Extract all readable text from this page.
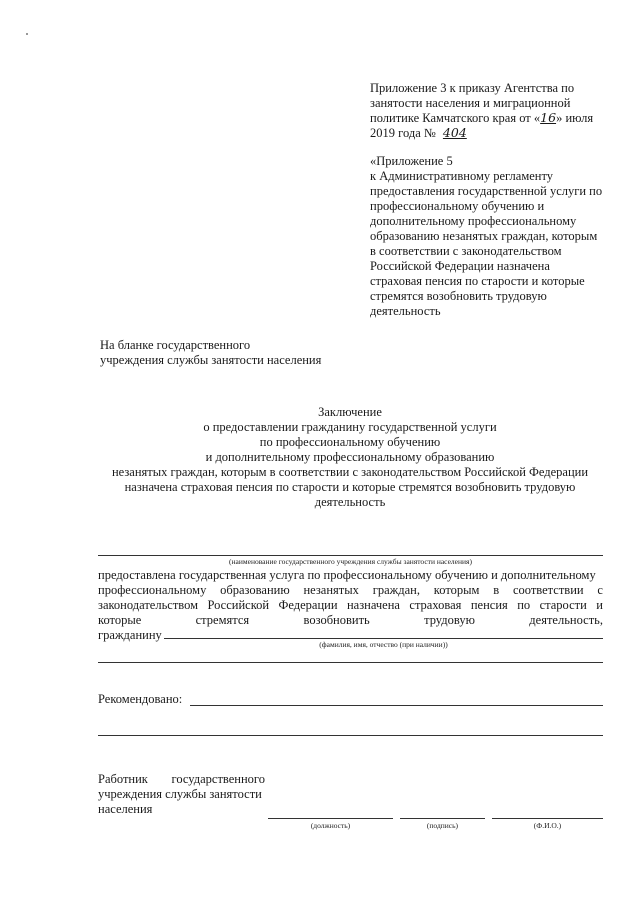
Приложение 3 к приказу Агентства по
занятости населения и миграционной
политике Камчатского края от «16» июля
2019 года № 404
«Приложение 5
к Административному регламенту
предоставления государственной услуги по
профессиональному обучению и
дополнительному профессиональному
образованию незанятых граждан, которым
в соответствии с законодательством
Российской Федерации назначена
страховая пенсия по старости и которые
стремятся возобновить трудовую
деятельность
На бланке государственного
учреждения службы занятости населения
Заключение
о предоставлении гражданину государственной услуги
по профессиональному обучению
и дополнительному профессиональному образованию
незанятых граждан, которым в соответствии с законодательством Российской Федерации
назначена страховая пенсия по старости и которые стремятся возобновить трудовую
деятельность
(наименование государственного учреждения службы занятости населения)
предоставлена государственная услуга по профессиональному обучению и дополнительному
профессиональному образованию незанятых граждан, которым в соответствии с
законодательством Российской Федерации назначена страховая пенсия по старости и
которые	стремятся	возобновить	трудовую	деятельность,
гражданину
(фамилия, имя, отчество (при наличии))
Рекомендовано:
Работник государственного
учреждения службы занятости
населения
(должность)	(подпись)	(Ф.И.О.)
